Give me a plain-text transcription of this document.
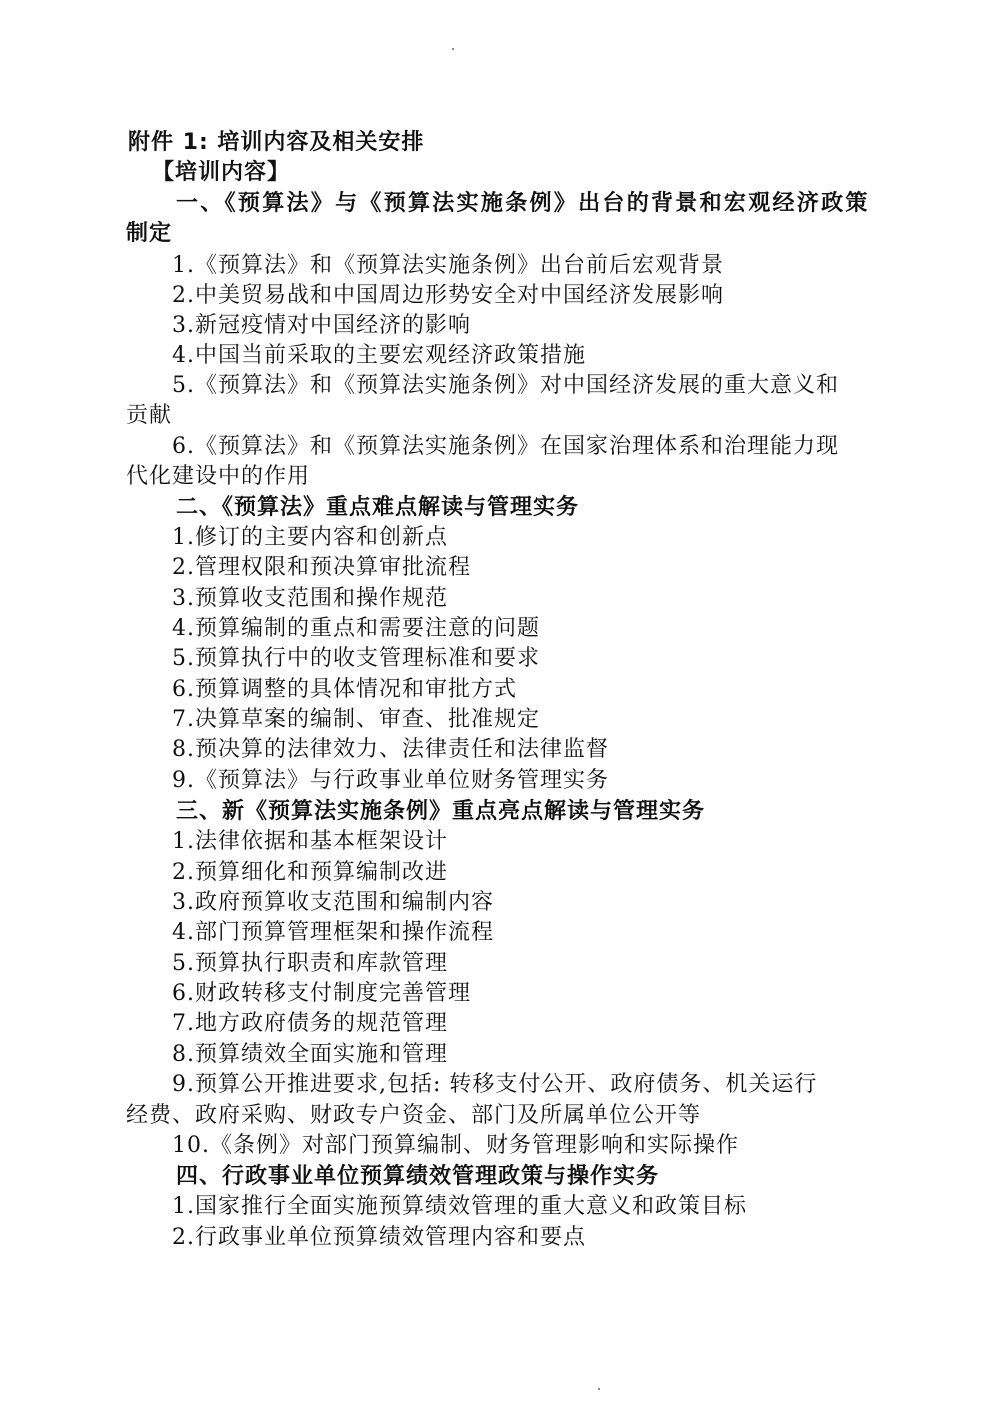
附件 1: 培训内容及相关安排
【培训内容】
一、《预算法》与《预算法实施条例》出台的背景和宏观经济政策
制定
1.《预算法》和《预算法实施条例》出台前后宏观背景
2.中美贸易战和中国周边形势安全对中国经济发展影响
3.新冠疫情对中国经济的影响
4.中国当前采取的主要宏观经济政策措施
5.《预算法》和《预算法实施条例》对中国经济发展的重大意义和
贡献
6.《预算法》和《预算法实施条例》在国家治理体系和治理能力现
代化建设中的作用
二、《预算法》重点难点解读与管理实务
1.修订的主要内容和创新点
2.管理权限和预决算审批流程
3.预算收支范围和操作规范
4.预算编制的重点和需要注意的问题
5.预算执行中的收支管理标准和要求
6.预算调整的具体情况和审批方式
7.决算草案的编制、审查、批准规定
8.预决算的法律效力、法律责任和法律监督
9.《预算法》与行政事业单位财务管理实务
三、新《预算法实施条例》重点亮点解读与管理实务
1.法律依据和基本框架设计
2.预算细化和预算编制改进
3.政府预算收支范围和编制内容
4.部门预算管理框架和操作流程
5.预算执行职责和库款管理
6.财政转移支付制度完善管理
7.地方政府债务的规范管理
8.预算绩效全面实施和管理
9.预算公开推进要求,包括: 转移支付公开、政府债务、机关运行
经费、政府采购、财政专户资金、部门及所属单位公开等
10.《条例》对部门预算编制、财务管理影响和实际操作
四、行政事业单位预算绩效管理政策与操作实务
1.国家推行全面实施预算绩效管理的重大意义和政策目标
2.行政事业单位预算绩效管理内容和要点
